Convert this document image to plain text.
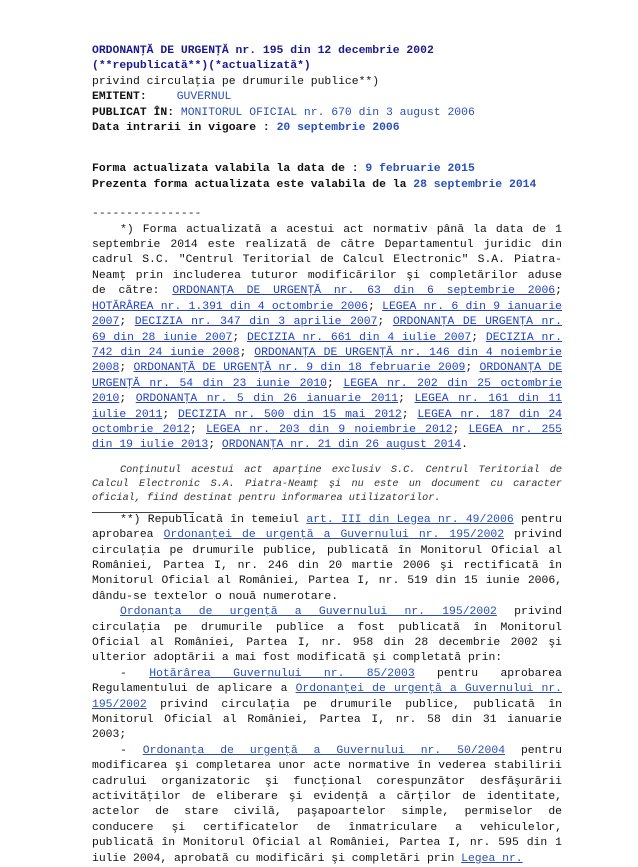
ORDONANŢĂ DE URGENŢĂ nr. 195 din 12 decembrie 2002

(**republicată**)(*actualizată*)

privind circulaţia pe drumurile publice**)

EMITENT:	GUVERNUL

PUBLICAT ÎN: MONITORUL OFICIAL nr. 670 din 3 august 2006

Data intrarii in vigoare : 20 septembrie 2006

Forma actualizata valabila la data de : 9 februarie 2015

Prezenta forma actualizata este valabila de la 28 septembrie 2014

----------------

*) Forma actualizată a acestui act normativ până la data de 1 septembrie 2014 este realizată de către Departamentul juridic din cadrul S.C. "Centrul Teritorial de Calcul Electronic" S.A. Piatra-Neamţ prin includerea tuturor modificărilor şi completărilor aduse de către: ORDONANŢA DE URGENŢĂ nr. 63 din 6 septembrie 2006; HOTĂRÂREA nr. 1.391 din 4 octombrie 2006; LEGEA nr. 6 din 9 ianuarie 2007; DECIZIA nr. 347 din 3 aprilie 2007; ORDONANŢA DE URGENŢA nr. 69 din 28 iunie 2007; DECIZIA nr. 661 din 4 iulie 2007; DECIZIA nr. 742 din 24 iunie 2008; ORDONANŢA DE URGENŢĂ nr. 146 din 4 noiembrie 2008; ORDONANŢĂ DE URGENŢĂ nr. 9 din 18 februarie 2009; ORDONANŢA DE URGENŢĂ nr. 54 din 23 iunie 2010; LEGEA nr. 202 din 25 octombrie 2010; ORDONANŢA nr. 5 din 26 ianuarie 2011; LEGEA nr. 161 din 11 iulie 2011; DECIZIA nr. 500 din 15 mai 2012; LEGEA nr. 187 din 24 octombrie 2012; LEGEA nr. 203 din 9 noiembrie 2012; LEGEA nr. 255 din 19 iulie 2013; ORDONANŢA nr. 21 din 26 august 2014.

Conţinutul acestui act aparţine exclusiv S.C. Centrul Teritorial de Calcul Electronic S.A. Piatra-Neamţ şi nu este un document cu caracter oficial, fiind destinat pentru informarea utilizatorilor.

**) Republicată în temeiul art. III din Legea nr. 49/2006 pentru aprobarea Ordonanţei de urgenţă a Guvernului nr. 195/2002 privind circulaţia pe drumurile publice, publicată în Monitorul Oficial al României, Partea I, nr. 246 din 20 martie 2006 şi rectificată în Monitorul Oficial al României, Partea I, nr. 519 din 15 iunie 2006, dându-se textelor o nouă numerotare.

Ordonanţa de urgenţă a Guvernului nr. 195/2002 privind circulaţia pe drumurile publice a fost publicată în Monitorul Oficial al României, Partea I, nr. 958 din 28 decembrie 2002 şi ulterior adoptării a mai fost modificată şi completată prin:

- Hotărârea Guvernului nr. 85/2003 pentru aprobarea Regulamentului de aplicare a Ordonanţei de urgenţă a Guvernului nr. 195/2002 privind circulaţia pe drumurile publice, publicată în Monitorul Oficial al României, Partea I, nr. 58 din 31 ianuarie 2003;

- Ordonanţa de urgenţă a Guvernului nr. 50/2004 pentru modificarea şi completarea unor acte normative în vederea stabilirii cadrului organizatoric şi funcţional corespunzător desfăşurării activităţilor de eliberare şi evidenţă a cărţilor de identitate, actelor de stare civilă, paşapoartelor simple, permiselor de conducere şi certificatelor de înmatriculare a vehiculelor, publicată în Monitorul Oficial al României, Partea I, nr. 595 din 1 iulie 2004, aprobată cu modificări şi completări prin Legea nr.
